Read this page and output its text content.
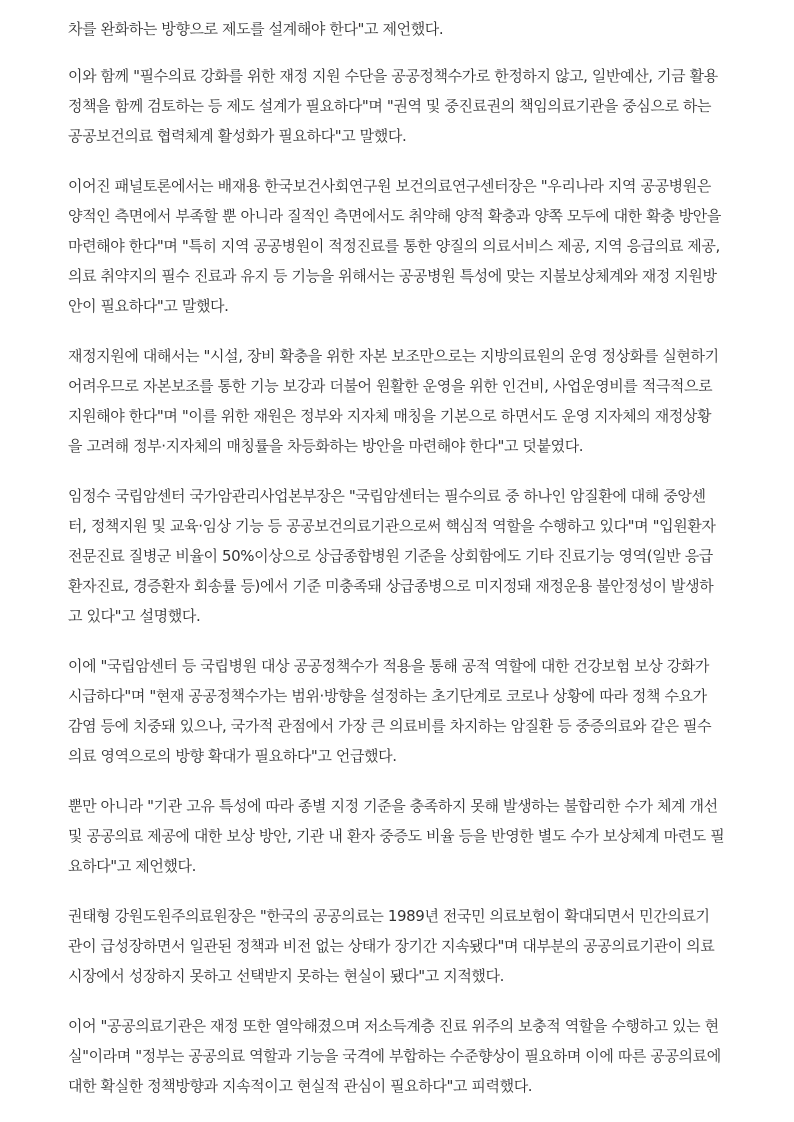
차를 완화하는 방향으로 제도를 설계해야 한다"고 제언했다.

이와 함께 "필수의료 강화를 위한 재정 지원 수단을 공공정책수가로 한정하지 않고, 일반예산, 기금 활용
정책을 함께 검토하는 등 제도 설계가 필요하다"며 "권역 및 중진료권의 책임의료기관을 중심으로 하는
공공보건의료 협력체계 활성화가 필요하다"고 말했다.

이어진 패널토론에서는 배재용 한국보건사회연구원 보건의료연구센터장은 "우리나라 지역 공공병원은
양적인 측면에서 부족할 뿐 아니라 질적인 측면에서도 취약해 양적 확충과 양쪽 모두에 대한 확충 방안을
마련해야 한다"며 "특히 지역 공공병원이 적정진료를 통한 양질의 의료서비스 제공, 지역 응급의료 제공,
의료 취약지의 필수 진료과 유지 등 기능을 위해서는 공공병원 특성에 맞는 지불보상체계와 재정 지원방
안이 필요하다"고 말했다.

재정지원에 대해서는 "시설, 장비 확충을 위한 자본 보조만으로는 지방의료원의 운영 정상화를 실현하기
어려우므로 자본보조를 통한 기능 보강과 더불어 원활한 운영을 위한 인건비, 사업운영비를 적극적으로
지원해야 한다"며 "이를 위한 재원은 정부와 지자체 매칭을 기본으로 하면서도 운영 지자체의 재정상황
을 고려해 정부·지자체의 매칭률을 차등화하는 방안을 마련해야 한다"고 덧붙였다.

임정수 국립암센터 국가암관리사업본부장은 "국립암센터는 필수의료 중 하나인 암질환에 대해 중앙센
터, 정책지원 및 교육·임상 기능 등 공공보건의료기관으로써 핵심적 역할을 수행하고 있다"며 "입원환자
전문진료 질병군 비율이 50%이상으로 상급종합병원 기준을 상회함에도 기타 진료기능 영역(일반 응급
환자진료, 경증환자 회송률 등)에서 기준 미충족돼 상급종병으로 미지정돼 재정운용 불안정성이 발생하
고 있다"고 설명했다.

이에 "국립암센터 등 국립병원 대상 공공정책수가 적용을 통해 공적 역할에 대한 건강보험 보상 강화가
시급하다"며 "현재 공공정책수가는 범위·방향을 설정하는 초기단계로 코로나 상황에 따라 정책 수요가
감염 등에 치중돼 있으나, 국가적 관점에서 가장 큰 의료비를 차지하는 암질환 등 중증의료와 같은 필수
의료 영역으로의 방향 확대가 필요하다"고 언급했다.

뿐만 아니라 "기관 고유 특성에 따라 종별 지정 기준을 충족하지 못해 발생하는 불합리한 수가 체계 개선
및 공공의료 제공에 대한 보상 방안, 기관 내 환자 중증도 비율 등을 반영한 별도 수가 보상체계 마련도 필
요하다"고 제언했다.

권태형 강원도원주의료원장은 "한국의 공공의료는 1989년 전국민 의료보험이 확대되면서 민간의료기
관이 급성장하면서 일관된 정책과 비전 없는 상태가 장기간 지속됐다"며 대부분의 공공의료기관이 의료
시장에서 성장하지 못하고 선택받지 못하는 현실이 됐다"고 지적했다.

이어 "공공의료기관은 재정 또한 열악해졌으며 저소득계층 진료 위주의 보충적 역할을 수행하고 있는 현
실"이라며 "정부는 공공의료 역할과 기능을 국격에 부합하는 수준향상이 필요하며 이에 따른 공공의료에
대한 확실한 정책방향과 지속적이고 현실적 관심이 필요하다"고 피력했다.
